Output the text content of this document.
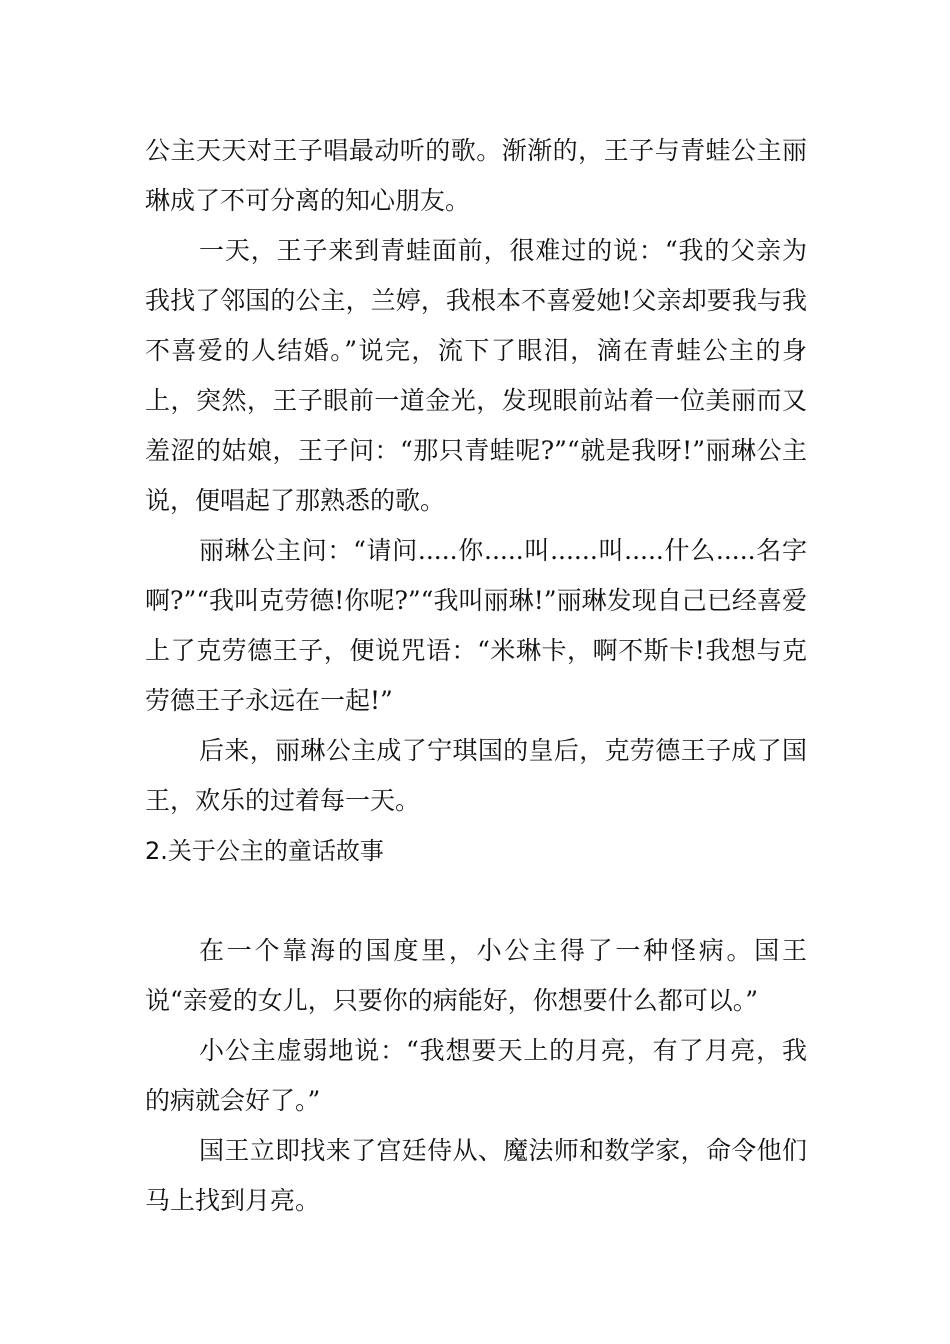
公主天天对王子唱最动听的歌。渐渐的，王子与青蛙公主丽琳成了不可分离的知心朋友。

一天，王子来到青蛙面前，很难过的说：“我的父亲为我找了邻国的公主，兰婷，我根本不喜爱她!父亲却要我与我不喜爱的人结婚。”说完，流下了眼泪，滴在青蛙公主的身上，突然，王子眼前一道金光，发现眼前站着一位美丽而又羞涩的姑娘，王子问：“那只青蛙呢?”“就是我呀!”丽琳公主说，便唱起了那熟悉的歌。

丽琳公主问：“请问.....你.....叫......叫.....什么.....名字啊?”“我叫克劳德!你呢?”“我叫丽琳!”丽琳发现自己已经喜爱上了克劳德王子，便说咒语：“米琳卡，啊不斯卡!我想与克劳德王子永远在一起!”

后来，丽琳公主成了宁琪国的皇后，克劳德王子成了国王，欢乐的过着每一天。

2.关于公主的童话故事

在一个靠海的国度里，小公主得了一种怪病。国王说“亲爱的女儿，只要你的病能好，你想要什么都可以。”

小公主虚弱地说：“我想要天上的月亮，有了月亮，我的病就会好了。”

国王立即找来了宫廷侍从、魔法师和数学家，命令他们马上找到月亮。
